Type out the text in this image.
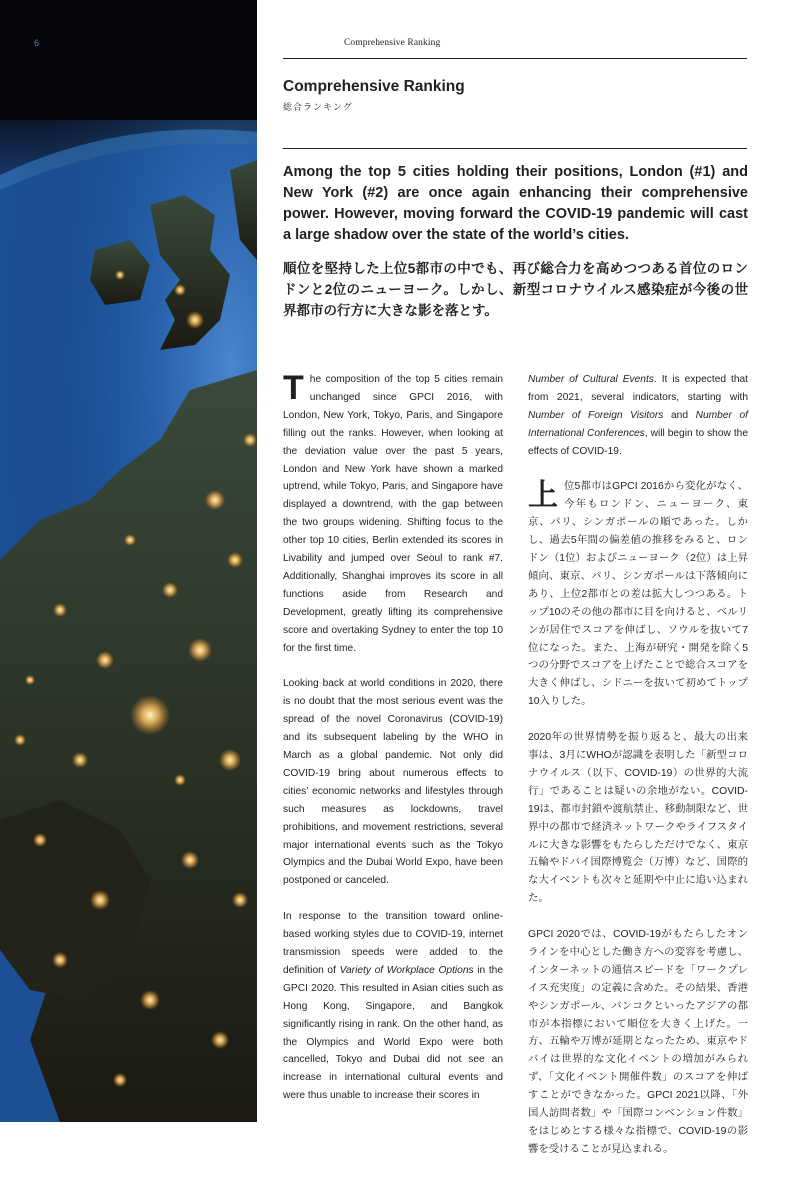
6	Comprehensive Ranking
Comprehensive Ranking
総合ランキング
Among the top 5 cities holding their positions, London (#1) and New York (#2) are once again enhancing their comprehensive power. However, moving forward the COVID-19 pandemic will cast a large shadow over the state of the world’s cities.
順位を堅持した上位5都市の中でも、再び総合力を高めつつある首位のロンドンと2位のニューヨーク。しかし、新型コロナウイルス感染症が今後の世界都市の行方に大きな影を落とす。

The composition of the top 5 cities remain unchanged since GPCI 2016, with London, New York, Tokyo, Paris, and Singapore filling out the ranks. However, when looking at the deviation value over the past 5 years, London and New York have shown a marked uptrend, while Tokyo, Paris, and Singapore have displayed a downtrend, with the gap between the two groups widening. Shifting focus to the other top 10 cities, Berlin extended its scores in Livability and jumped over Seoul to rank #7. Additionally, Shanghai improves its score in all functions aside from Research and Development, greatly lifting its comprehensive score and overtaking Sydney to enter the top 10 for the first time.

Looking back at world conditions in 2020, there is no doubt that the most serious event was the spread of the novel Coronavirus (COVID-19) and its subsequent labeling by the WHO in March as a global pandemic. Not only did COVID-19 bring about numerous effects to cities’ economic networks and lifestyles through such measures as lockdowns, travel prohibitions, and movement restrictions, several major international events such as the Tokyo Olympics and the Dubai World Expo, have been postponed or canceled.

In response to the transition toward online-based working styles due to COVID-19, internet transmission speeds were added to the definition of Variety of Workplace Options in the GPCI 2020. This resulted in Asian cities such as Hong Kong, Singapore, and Bangkok significantly rising in rank. On the other hand, as the Olympics and World Expo were both cancelled, Tokyo and Dubai did not see an increase in international cultural events and were thus unable to increase their scores in

Number of Cultural Events. It is expected that from 2021, several indicators, starting with Number of Foreign Visitors and Number of International Conferences, will begin to show the effects of COVID-19.

上位5都市はGPCI 2016から変化がなく、今年もロンドン、ニューヨーク、東京、パリ、シンガポールの順であった。しかし、過去5年間の偏差値の推移をみると、ロンドン（1位）およびニューヨーク（2位）は上昇傾向、東京、パリ、シンガポールは下落傾向にあり、上位2都市との差は拡大しつつある。トップ10のその他の都市に目を向けると、ベルリンが居住でスコアを伸ばし、ソウルを抜いて7位になった。また、上海が研究・開発を除く5つの分野でスコアを上げたことで総合スコアを大きく伸ばし、シドニーを抜いて初めてトップ10入りした。

2020年の世界情勢を振り返ると、最大の出来事は、3月にWHOが認識を表明した「新型コロナウイルス（以下、COVID-19）の世界的大流行」であることは疑いの余地がない。COVID-19は、都市封鎖や渡航禁止、移動制限など、世界中の都市で経済ネットワークやライフスタイルに大きな影響をもたらしただけでなく、東京五輪やドバイ国際博覧会（万博）など、国際的な大イベントも次々と延期や中止に追い込まれた。

GPCI 2020では、COVID-19がもたらしたオンラインを中心とした働き方への変容を考慮し、インターネットの通信スピードを「ワークプレイス充実度」の定義に含めた。その結果、香港やシンガポール、バンコクといったアジアの都市が本指標において順位を大きく上げた。一方、五輪や万博が延期となったため、東京やドバイは世界的な文化イベントの増加がみられず、「文化イベント開催件数」のスコアを伸ばすことができなかった。GPCI 2021以降、「外国人訪問者数」や「国際コンベンション件数」をはじめとする様々な指標で、COVID-19の影響を受けることが見込まれる。
